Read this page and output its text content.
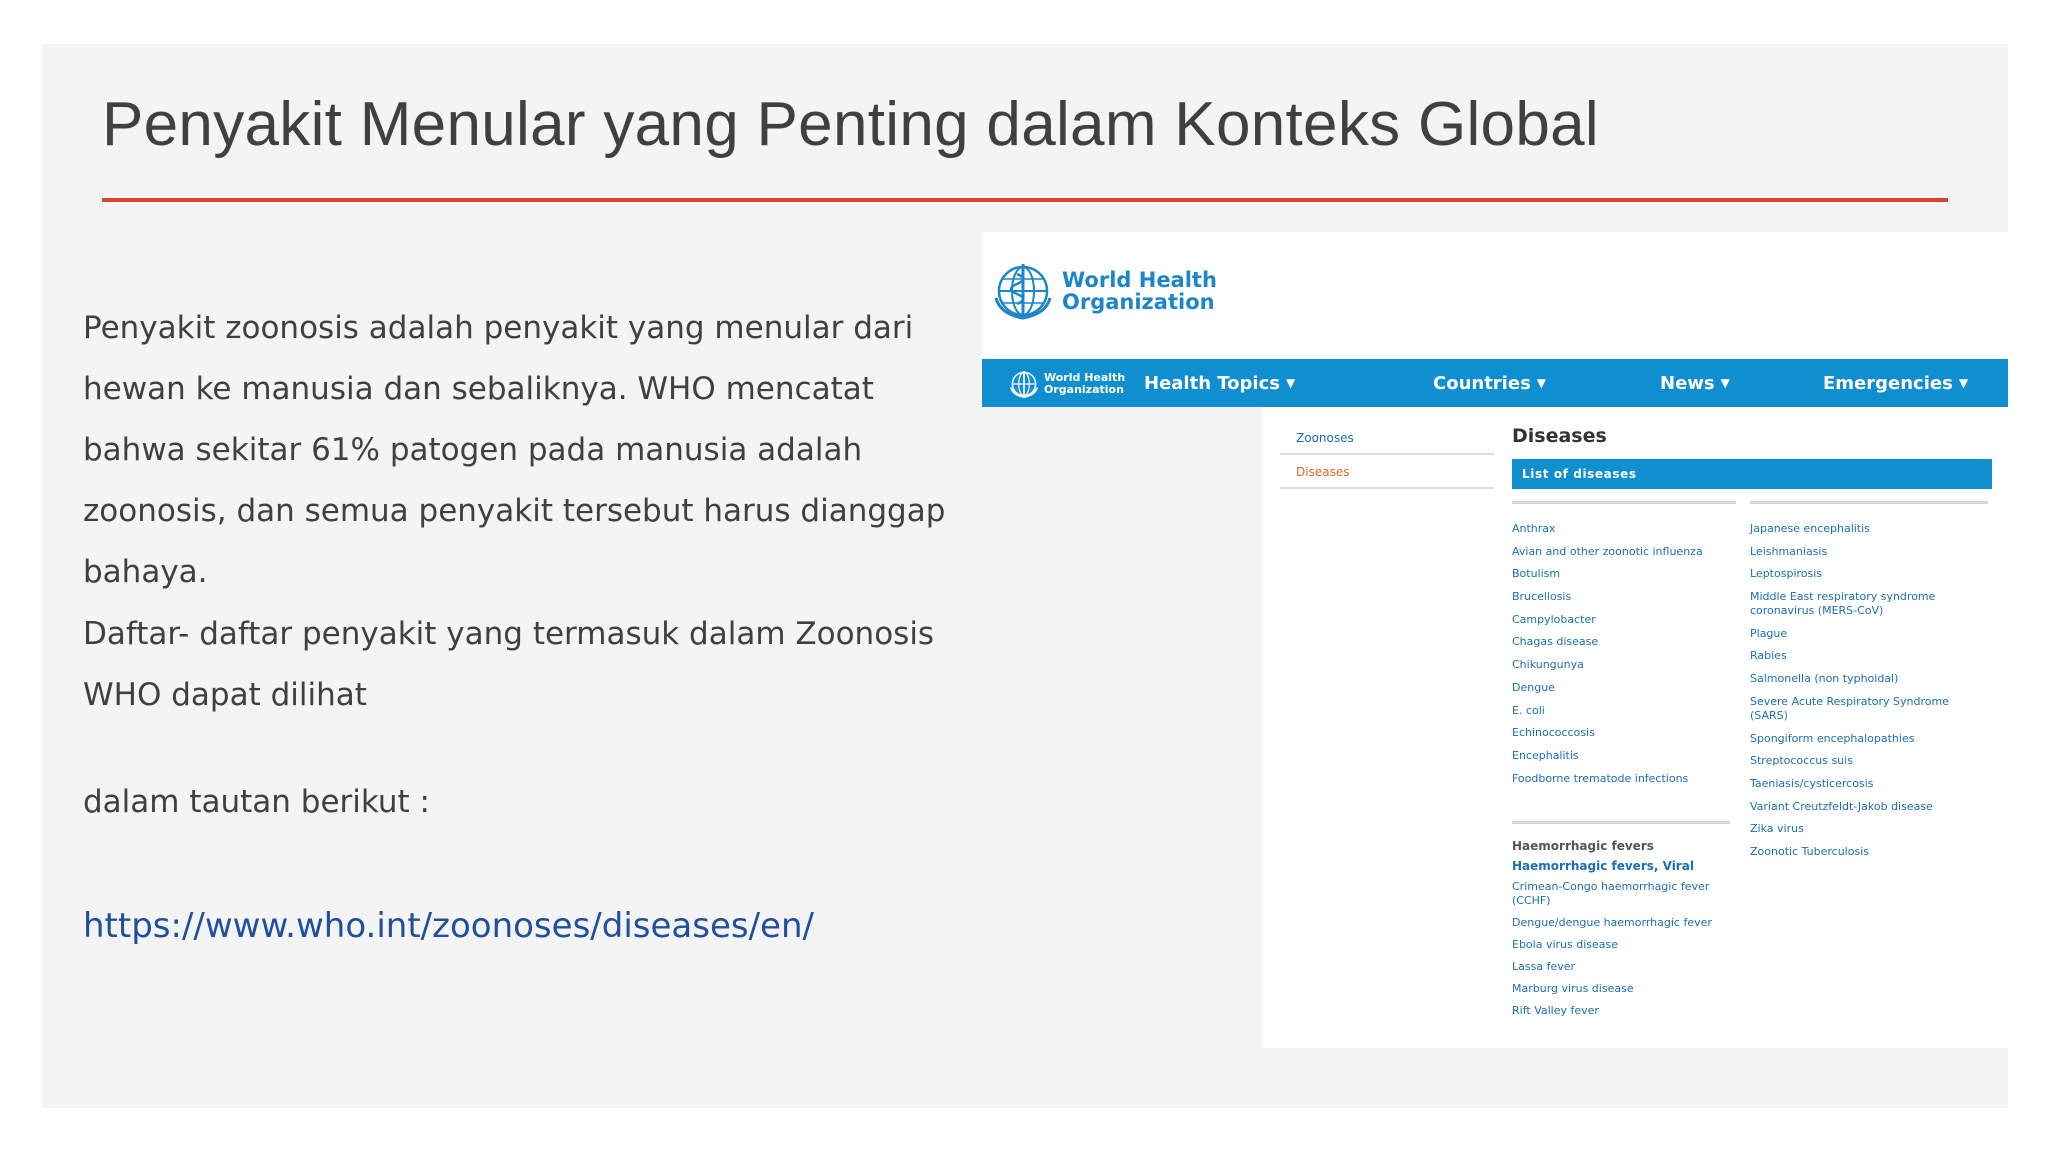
Penyakit Menular yang Penting dalam Konteks Global

Penyakit zoonosis adalah penyakit yang menular dari hewan ke manusia dan sebaliknya. WHO mencatat bahwa sekitar 61% patogen pada manusia adalah zoonosis, dan semua penyakit tersebut harus dianggap bahaya.

Daftar- daftar penyakit yang termasuk dalam Zoonosis WHO dapat dilihat

dalam tautan berikut :

https://www.who.int/zoonoses/diseases/en/
World Health
Organization
World Health
Organization Health Topics ▼	Countries ▼	News ▼	Emergencies ▼
Zoonoses
Diseases
Diseases
List of diseases
Anthrax
Avian and other zoonotic influenza
Botulism
Brucellosis
Campylobacter
Chagas disease
Chikungunya
Dengue
E. coli
Echinococcosis
Encephalitis
Foodborne trematode infections
Japanese encephalitis
Leishmaniasis
Leptospirosis
Middle East respiratory syndrome coronavirus (MERS-CoV)
Plague
Rabies
Salmonella (non typhoidal)
Severe Acute Respiratory Syndrome (SARS)
Spongiform encephalopathies
Streptococcus suis
Taeniasis/cysticercosis
Variant Creutzfeldt-Jakob disease
Zika virus
Zoonotic Tuberculosis
Haemorrhagic fevers
Haemorrhagic fevers, Viral
Crimean-Congo haemorrhagic fever (CCHF)
Dengue/dengue haemorrhagic fever
Ebola virus disease
Lassa fever
Marburg virus disease
Rift Valley fever
